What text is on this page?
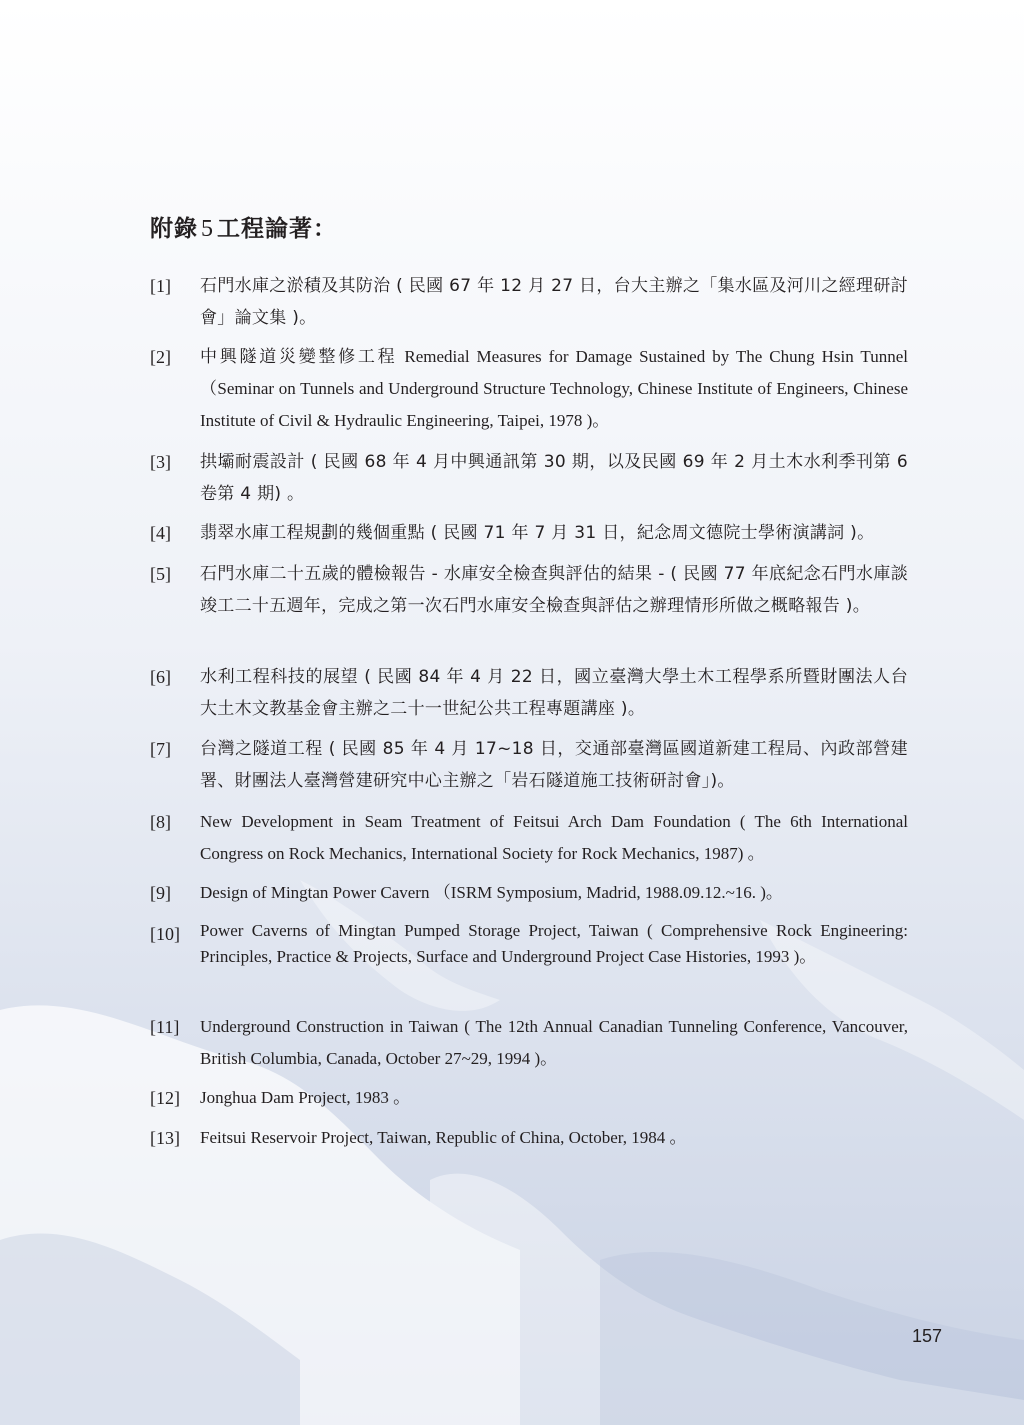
附錄 5 工程論著：
[1] 石門水庫之淤積及其防治 ( 民國 67 年 12 月 27 日，台大主辦之「集水區及河川之經理研討會」論文集 )。
[2] 中興隧道災變整修工程 Remedial Measures for Damage Sustained by The Chung Hsin Tunnel（Seminar on Tunnels and Underground Structure Technology, Chinese Institute of Engineers, Chinese Institute of Civil & Hydraulic Engineering, Taipei, 1978 )。
[3] 拱壩耐震設計 ( 民國 68 年 4 月中興通訊第 30 期，以及民國 69 年 2 月土木水利季刊第 6 卷第 4 期) 。
[4] 翡翠水庫工程規劃的幾個重點 ( 民國 71 年 7 月 31 日，紀念周文德院士學術演講詞 )。
[5] 石門水庫二十五歲的體檢報告 - 水庫安全檢查與評估的結果 - ( 民國 77 年底紀念石門水庫談竣工二十五週年，完成之第一次石門水庫安全檢查與評估之辦理情形所做之概略報告 )。
[6] 水利工程科技的展望 ( 民國 84 年 4 月 22 日，國立臺灣大學土木工程學系所暨財團法人台大土木文教基金會主辦之二十一世紀公共工程專題講座 )。
[7] 台灣之隧道工程 ( 民國 85 年 4 月 17~18 日，交通部臺灣區國道新建工程局、內政部營建署、財團法人臺灣營建研究中心主辦之「岩石隧道施工技術研討會」)。
[8] New Development in Seam Treatment of Feitsui Arch Dam Foundation ( The 6th International Congress on Rock Mechanics, International Society for Rock Mechanics, 1987) 。
[9] Design of Mingtan Power Cavern （ISRM Symposium, Madrid, 1988.09.12.~16. )。
[10] Power Caverns of Mingtan Pumped Storage Project, Taiwan ( Comprehensive Rock Engineering: Principles, Practice & Projects, Surface and Underground Project Case Histories, 1993 )。
[11] Underground Construction in Taiwan ( The 12th Annual Canadian Tunneling Conference, Vancouver, British Columbia, Canada, October 27~29, 1994 )。
[12] Jonghua Dam Project, 1983 。
[13] Feitsui Reservoir Project, Taiwan, Republic of China, October, 1984 。
157
